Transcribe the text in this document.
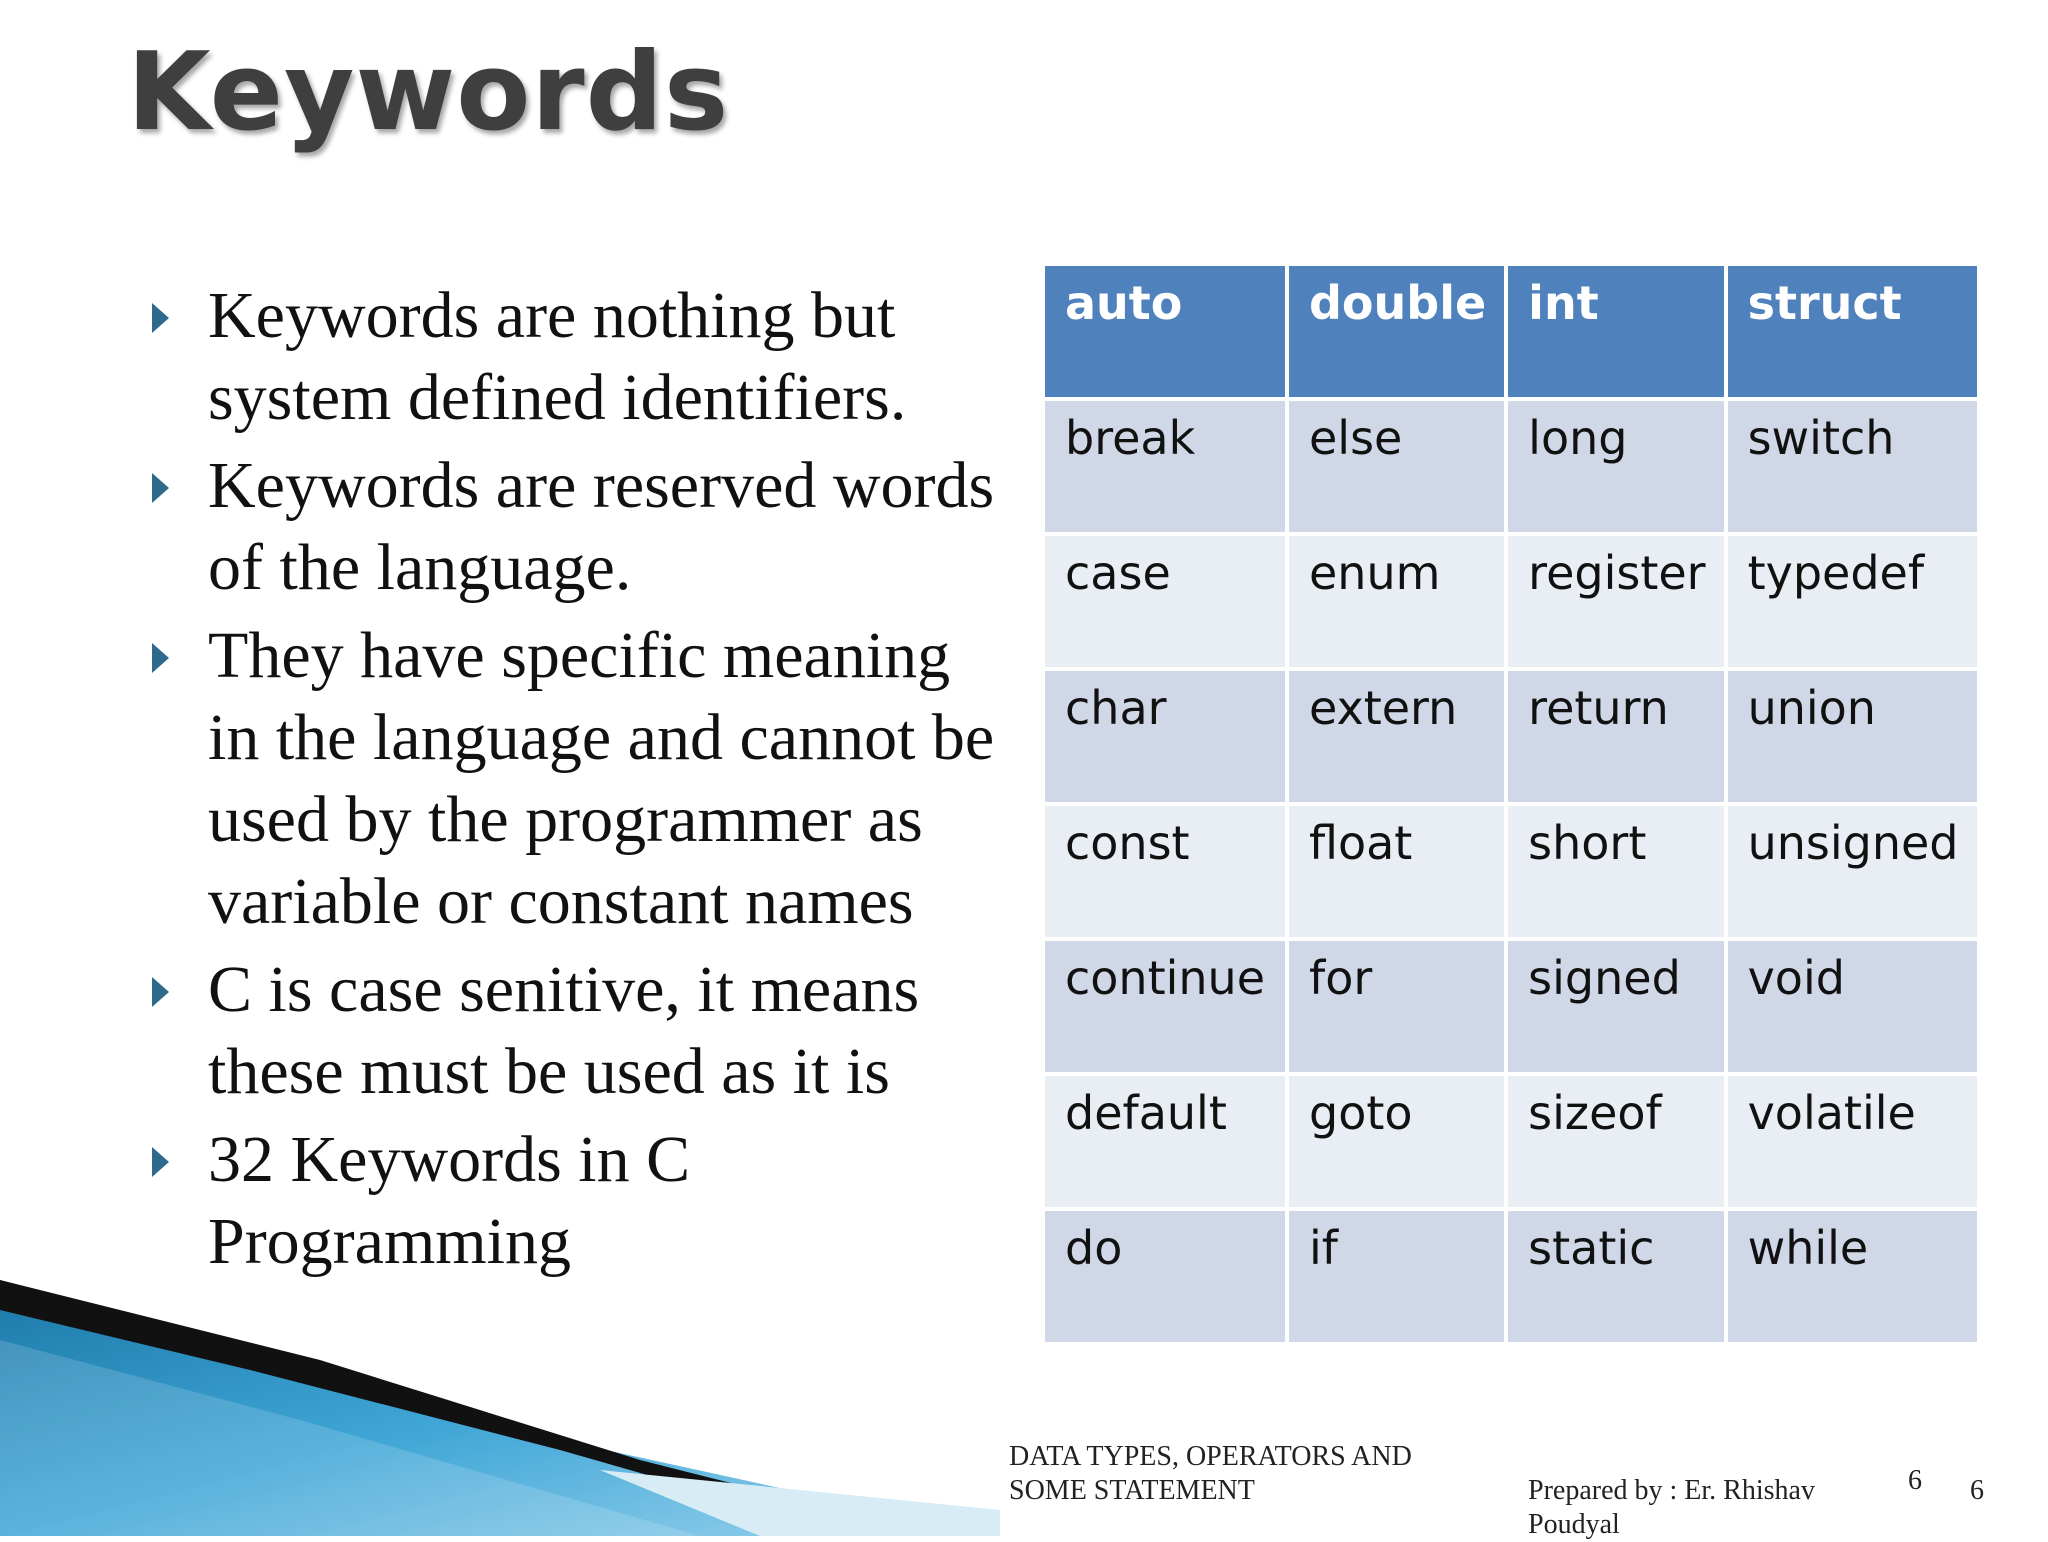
Keywords
Keywords are nothing but system defined identifiers.
Keywords are reserved words of the language.
They have specific meaning in the language and cannot be used by the programmer as variable or constant names
C is case senitive, it means these must be used as it is
32 Keywords in C Programming
auto	double	int	struct
break	else	long	switch
case	enum	register	typedef
char	extern	return	union
const	float	short	unsigned
continue	for	signed	void
default	goto	sizeof	volatile
do	if	static	while
DATA TYPES, OPERATORS AND SOME STATEMENT	Prepared by : Er. Rhishav Poudyal
6 6
